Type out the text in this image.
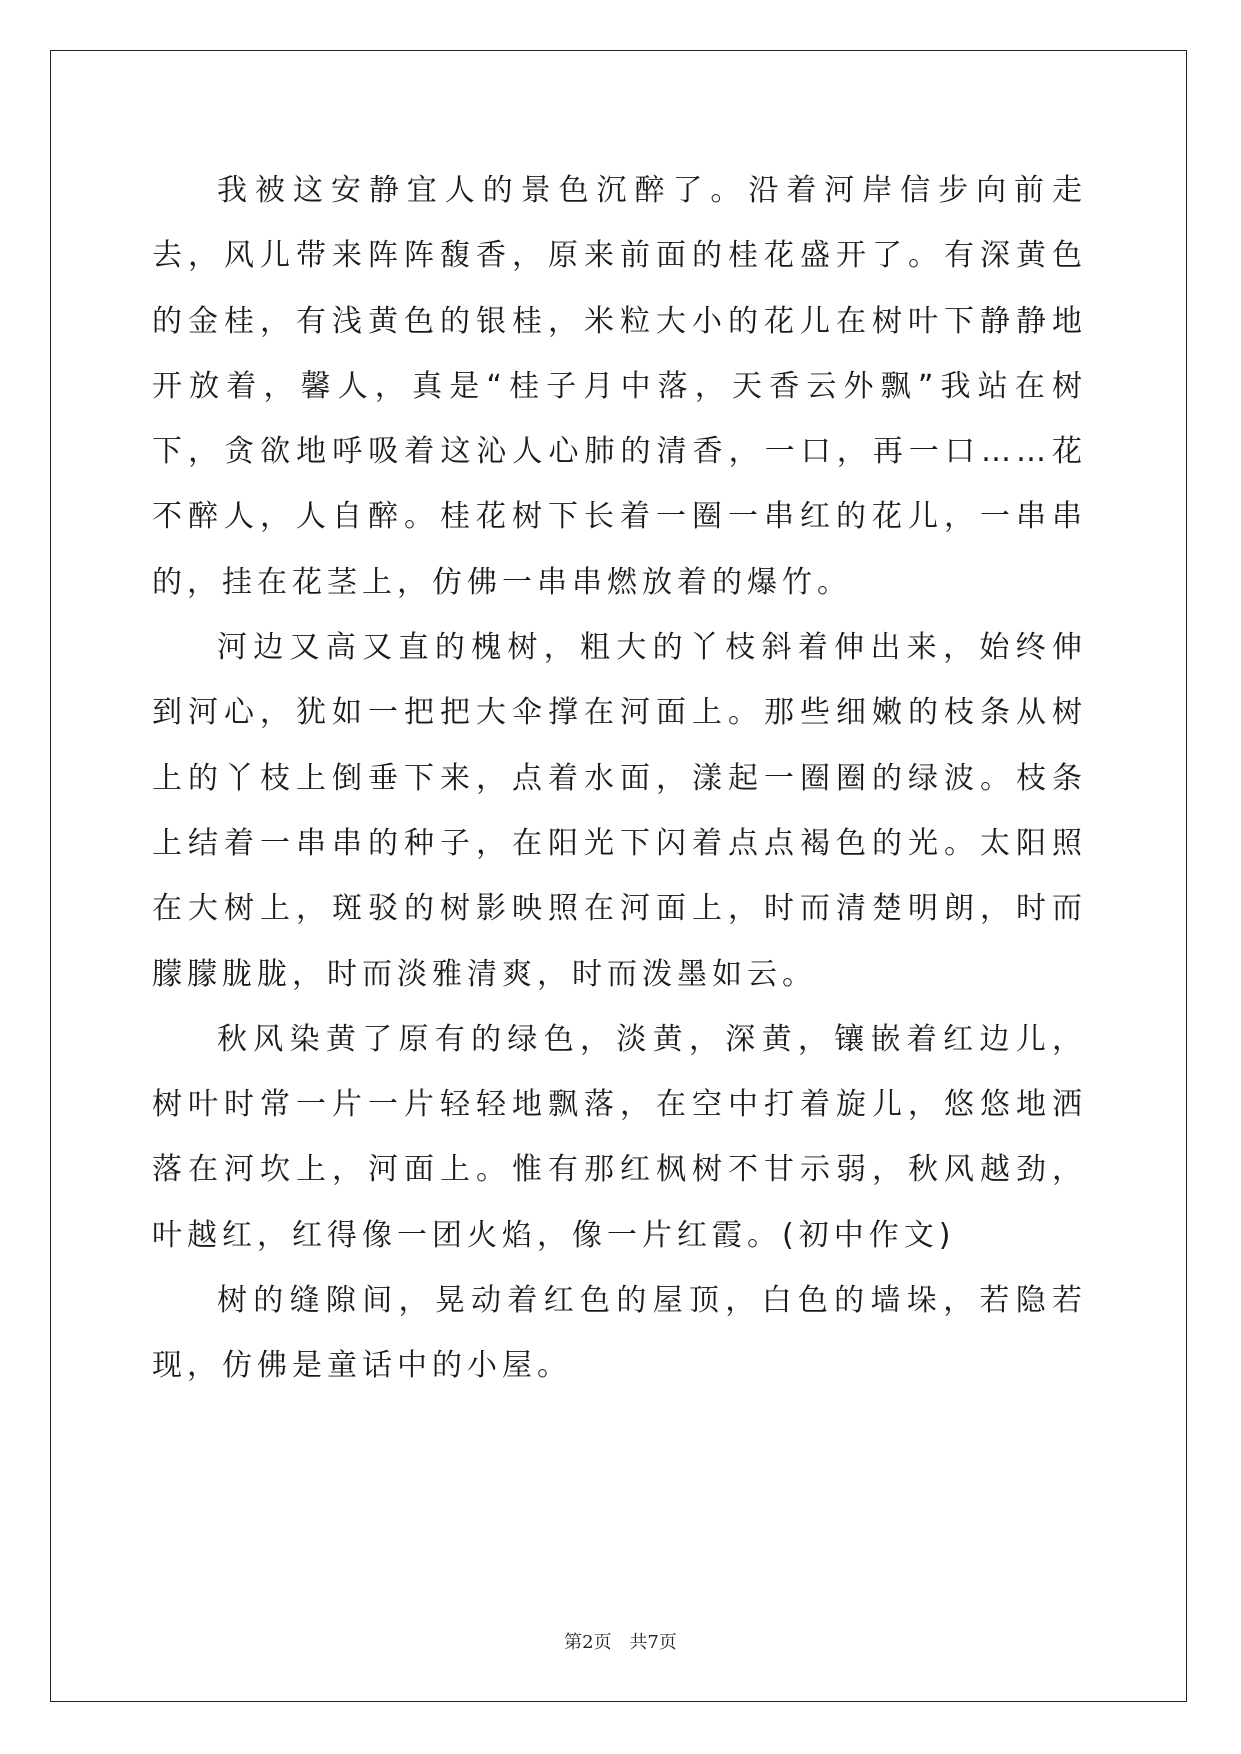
我被这安静宜人的景色沉醉了。沿着河岸信步向前走去，风儿带来阵阵馥香，原来前面的桂花盛开了。有深黄色的金桂，有浅黄色的银桂，米粒大小的花儿在树叶下静静地开放着，馨人，真是“桂子月中落，天香云外飘”我站在树下，贪欲地呼吸着这沁人心肺的清香，一口，再一口……花不醉人，人自醉。桂花树下长着一圈一串红的花儿，一串串的，挂在花茎上，仿佛一串串燃放着的爆竹。

河边又高又直的槐树，粗大的丫枝斜着伸出来，始终伸到河心，犹如一把把大伞撑在河面上。那些细嫩的枝条从树上的丫枝上倒垂下来，点着水面，漾起一圈圈的绿波。枝条上结着一串串的种子，在阳光下闪着点点褐色的光。太阳照在大树上，斑驳的树影映照在河面上，时而清楚明朗，时而朦朦胧胧，时而淡雅清爽，时而泼墨如云。

秋风染黄了原有的绿色，淡黄，深黄，镶嵌着红边儿，树叶时常一片一片轻轻地飘落，在空中打着旋儿，悠悠地洒落在河坎上，河面上。惟有那红枫树不甘示弱，秋风越劲，叶越红，红得像一团火焰，像一片红霞。(初中作文)

树的缝隙间，晃动着红色的屋顶，白色的墙垛，若隐若现，仿佛是童话中的小屋。

第2页 共7页
